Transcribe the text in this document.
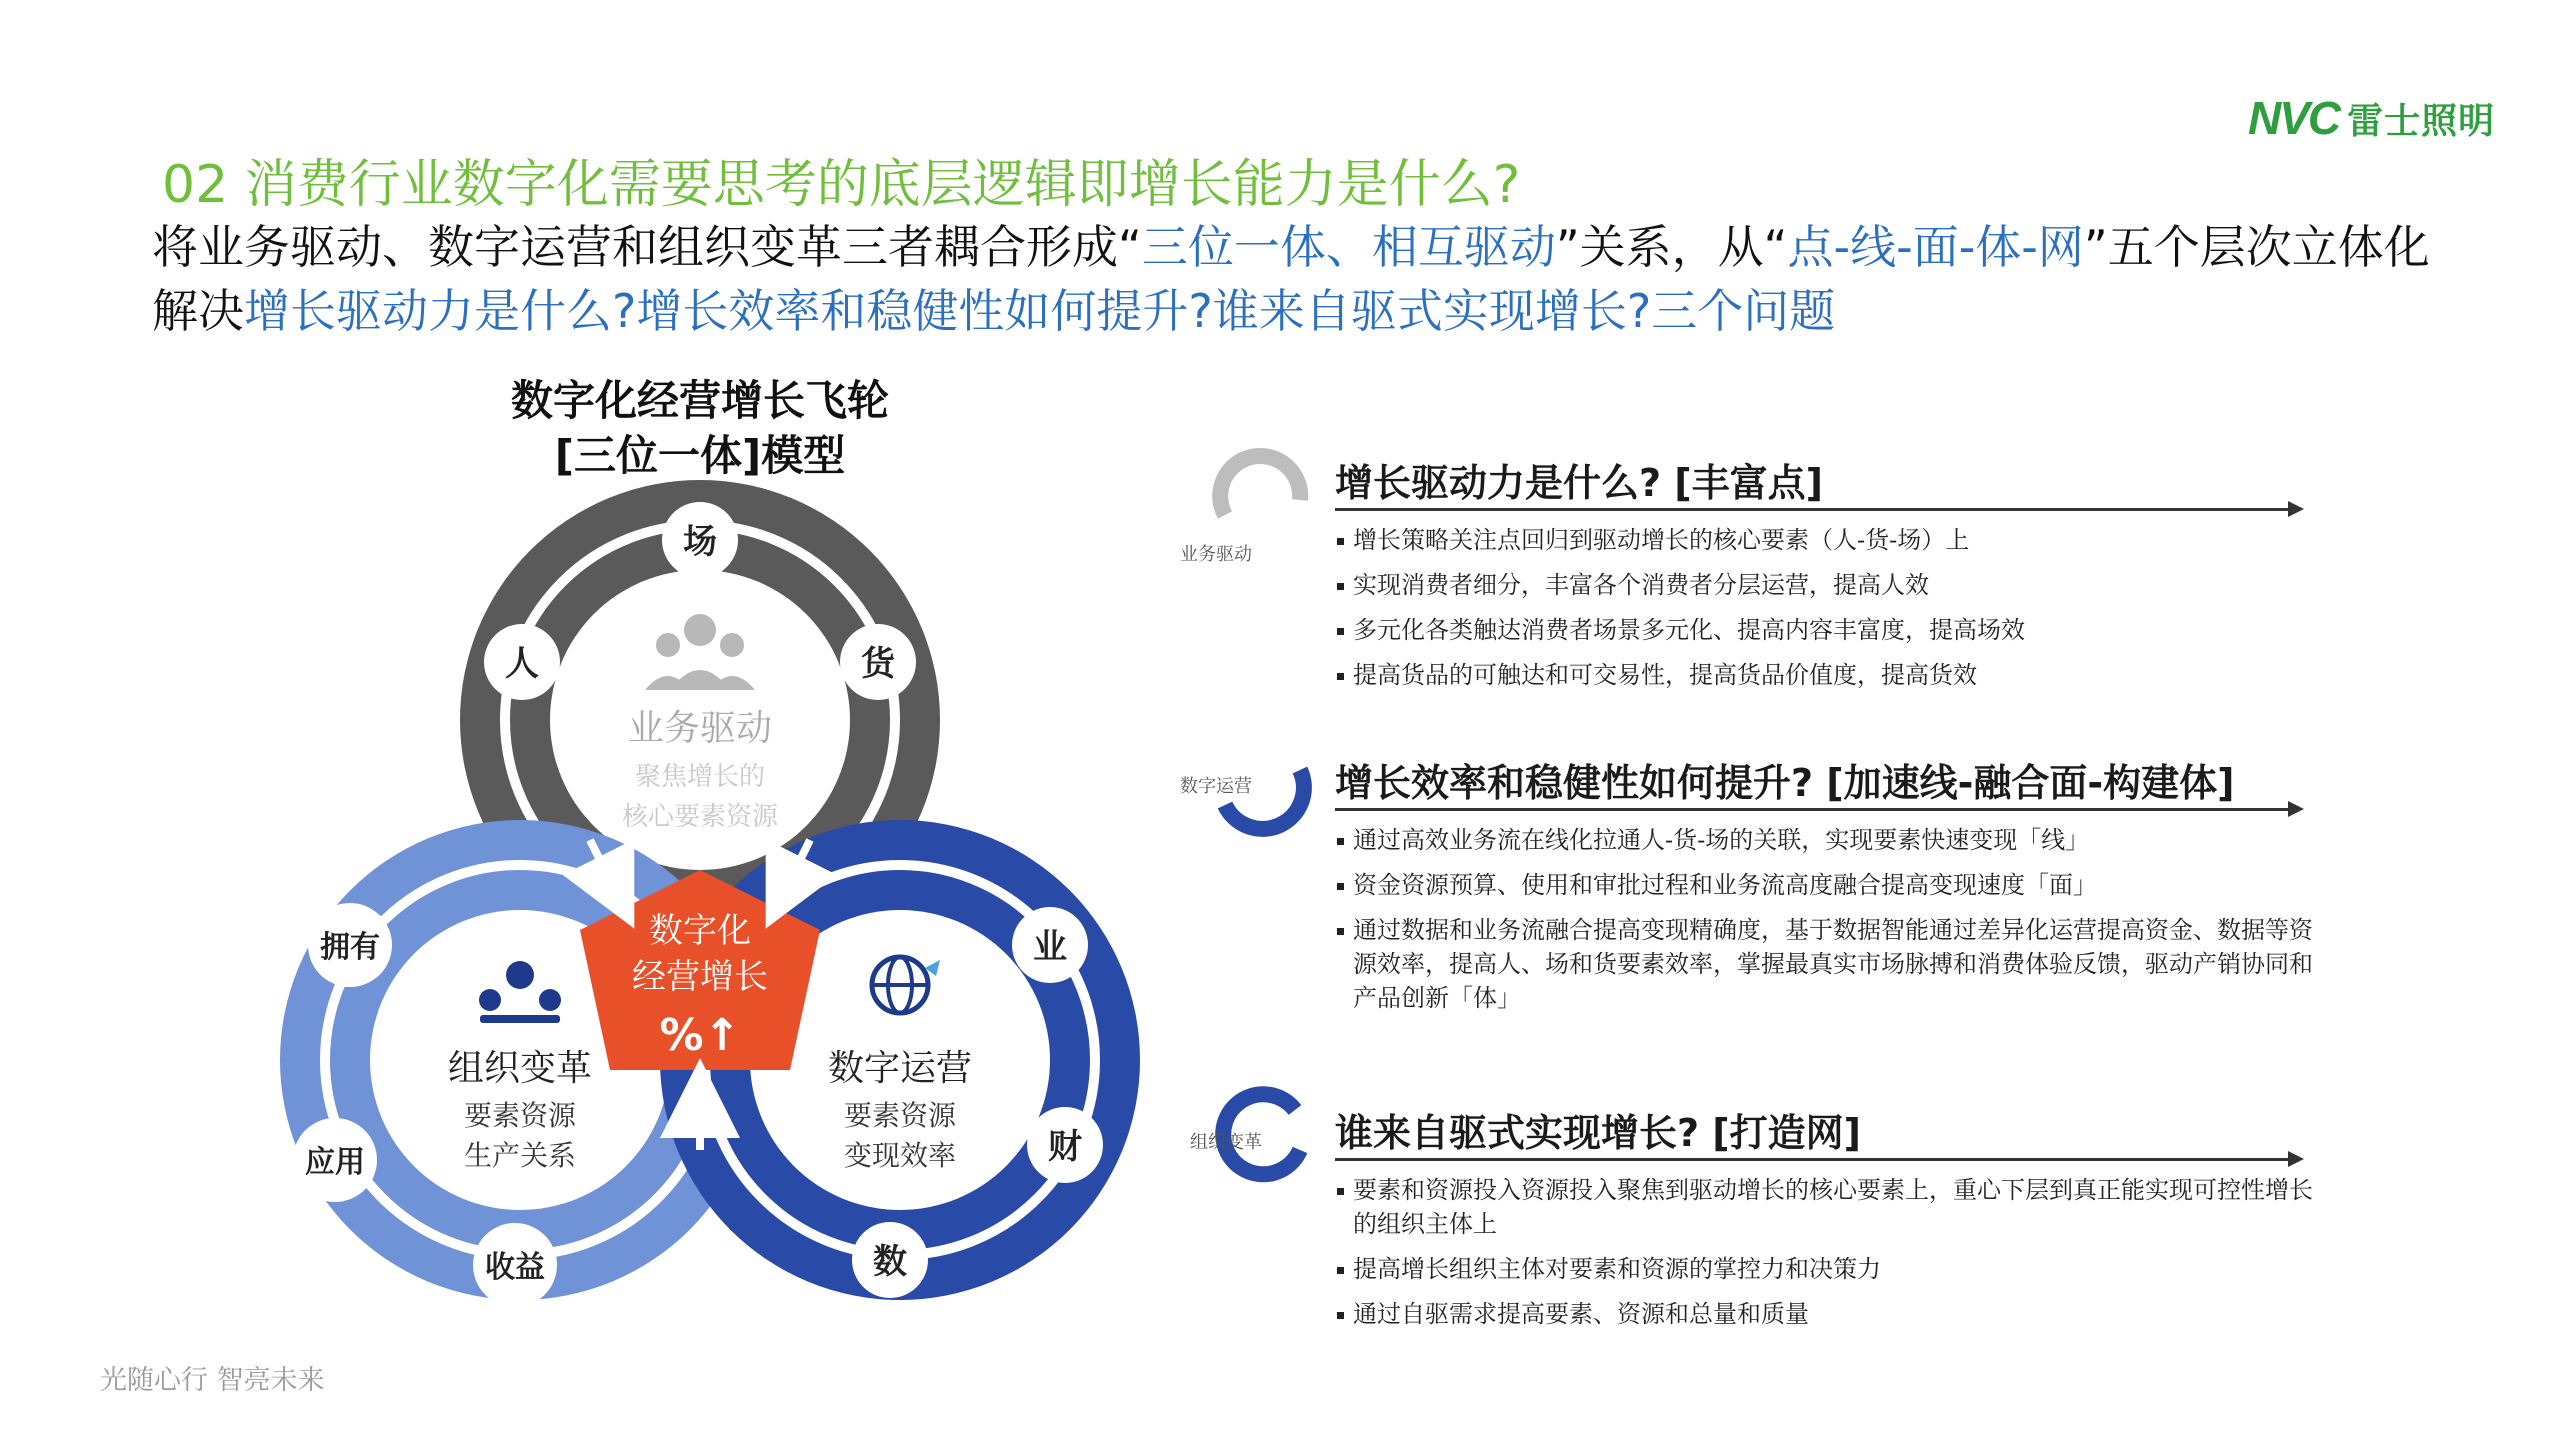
NVC 雷士照明
02 消费行业数字化需要思考的底层逻辑即增长能力是什么?
将业务驱动、数字运营和组织变革三者耦合形成“三位一体、相互驱动”关系，从“点-线-面-体-网”五个层次立体化解决增长驱动力是什么?增长效率和稳健性如何提升?谁来自驱式实现增长?三个问题
数字化经营增长飞轮
[三位一体]模型
业务驱动
聚焦增长的
核心要素资源
组织变革
要素资源
生产关系
数字运营
要素资源
变现效率
数字化
经营增长
%↑
人
场
货
拥有
应用
收益
业
财
数
业务驱动
增长驱动力是什么? [丰富点]
增长策略关注点回归到驱动增长的核心要素（人-货-场）上
实现消费者细分，丰富各个消费者分层运营，提高人效
多元化各类触达消费者场景多元化、提高内容丰富度，提高场效
提高货品的可触达和可交易性，提高货品价值度，提高货效
数字运营 增长效率和稳健性如何提升? [加速线-融合面-构建体]
通过高效业务流在线化拉通人-货-场的关联，实现要素快速变现「线」
资金资源预算、使用和审批过程和业务流高度融合提高变现速度「面」
通过数据和业务流融合提高变现精确度，基于数据智能通过差异化运营提高资金、数据等资源效率，提高人、场和货要素效率，掌握最真实市场脉搏和消费体验反馈，驱动产销协同和产品创新「体」
组织变革 谁来自驱式实现增长? [打造网]
要素和资源投入资源投入聚焦到驱动增长的核心要素上，重心下层到真正能实现可控性增长的组织主体上
提高增长组织主体对要素和资源的掌控力和决策力
通过自驱需求提高要素、资源和总量和质量
光随心行 智亮未来
